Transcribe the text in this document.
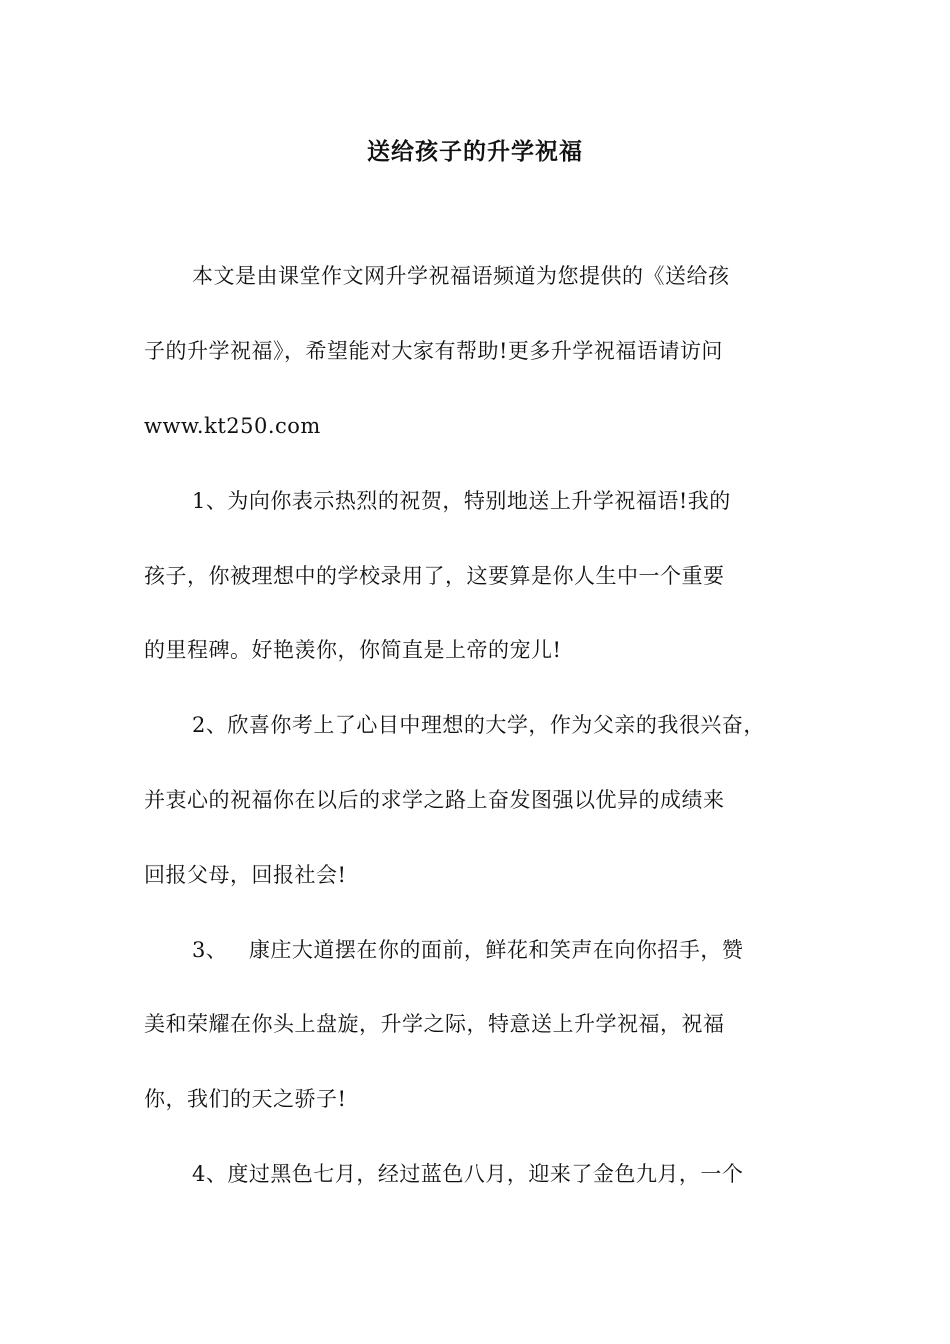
送给孩子的升学祝福
本文是由课堂作文网升学祝福语频道为您提供的《送给孩
子的升学祝福》，希望能对大家有帮助!更多升学祝福语请访问
www.kt250.com
1、为向你表示热烈的祝贺，特别地送上升学祝福语!我的
孩子，你被理想中的学校录用了，这要算是你人生中一个重要
的里程碑。好艳羡你，你简直是上帝的宠儿!
2、欣喜你考上了心目中理想的大学，作为父亲的我很兴奋，
并衷心的祝福你在以后的求学之路上奋发图强以优异的成绩来
回报父母，回报社会!
3、   康庄大道摆在你的面前，鲜花和笑声在向你招手，赞
美和荣耀在你头上盘旋，升学之际，特意送上升学祝福，祝福
你，我们的天之骄子!
4、度过黑色七月，经过蓝色八月，迎来了金色九月，一个
